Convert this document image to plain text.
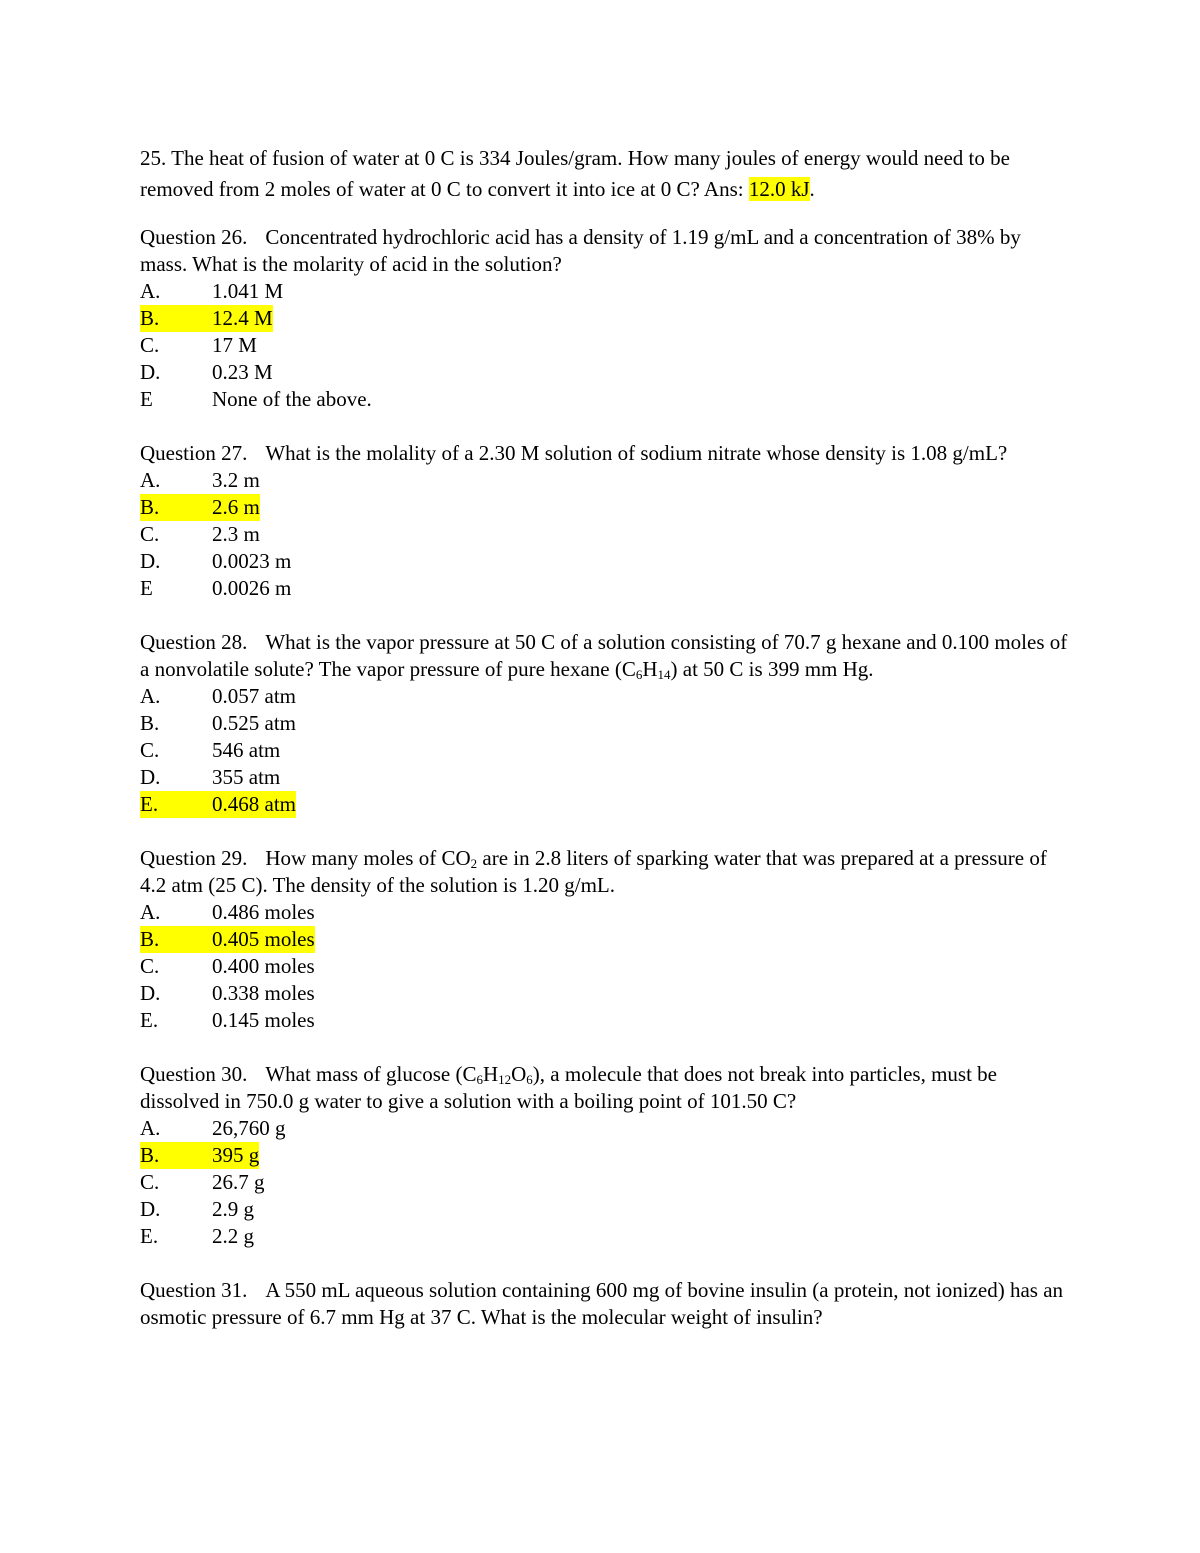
25. The heat of fusion of water at 0 C is 334 Joules/gram. How many joules of energy would need to be removed from 2 moles of water at 0 C to convert it into ice at 0 C? Ans: 12.0 kJ.

Question 26. Concentrated hydrochloric acid has a density of 1.19 g/mL and a concentration of 38% by mass. What is the molarity of acid in the solution?

A.	1.041 M
B.	12.4 M
C.	17 M
D.	0.23 M
E	None of the above.

Question 27. What is the molality of a 2.30 M solution of sodium nitrate whose density is 1.08 g/mL?

A.	3.2 m
B.	2.6 m
C.	2.3 m
D.	0.0023 m
E	0.0026 m

Question 28. What is the vapor pressure at 50 C of a solution consisting of 70.7 g hexane and 0.100 moles of a nonvolatile solute? The vapor pressure of pure hexane $(C_6H_{14})$ at 50 C is 399 mm Hg.

A.	0.057 atm
B.	0.525 atm
C.	546 atm
D.	355 atm
E.	0.468 atm

Question 29. How many moles of $CO_2$ are in 2.8 liters of sparking water that was prepared at a pressure of 4.2 atm (25 C). The density of the solution is 1.20 g/mL.

A.	0.486 moles
B.	0.405 moles
C.	0.400 moles
D.	0.338 moles
E.	0.145 moles

Question 30. What mass of glucose $(C_6H_{12}O_6)$, a molecule that does not break into particles, must be dissolved in 750.0 g water to give a solution with a boiling point of 101.50 C?

A.	26,760 g
B.	395 g
C.	26.7 g
D.	2.9 g
E.	2.2 g

Question 31. A 550 mL aqueous solution containing 600 mg of bovine insulin (a protein, not ionized) has an osmotic pressure of 6.7 mm Hg at 37 C. What is the molecular weight of insulin?
